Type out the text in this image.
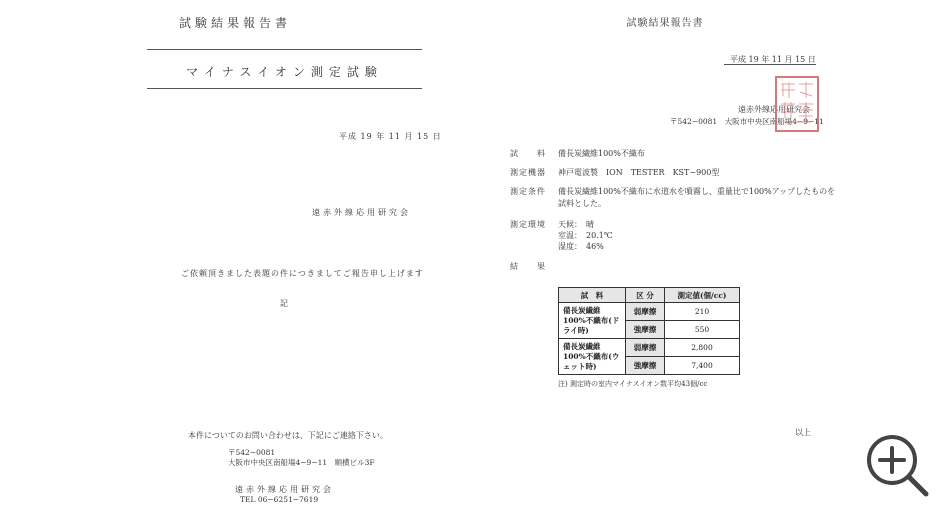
試験結果報告書
マイナスイオン測定試験
平成 19 年 11 月 15 日
遠赤外線応用研究会
ご依頼頂きました表題の件につきましてご報告申し上げます
記
本件についてのお問い合わせは、下記にご連絡下さい。
〒542−0081
大阪市中央区南船場4−9−11　順横ビル3F
遠赤外線応用研究会
TEL 06−6251−7619
試験結果報告書
平成 19 年 11 月 15 日
遠赤外線応用研究会
〒542−0081　大阪市中央区南船場4−9−11
試　　料 備長炭繊維100%不織布
測定機器 神戸電波製　ION　TESTER　KST−900型
測定条件 備長炭繊維100%不織布に水道水を噴霧し、重量比で100%アップしたものを
試料とした。
測定環境 天候：　晴
室温：　20.1℃
湿度：　46%
結　　果
試　料	区 分	測定値(個/cc)
備長炭繊維100%不織布(ドライ時)	弱摩擦	210
	強摩擦	550
備長炭繊維100%不織布(ウェット時)	弱摩擦	2,800
	強摩擦	7,400
注) 測定時の室内マイナスイオン数平均43個/cc
以上
